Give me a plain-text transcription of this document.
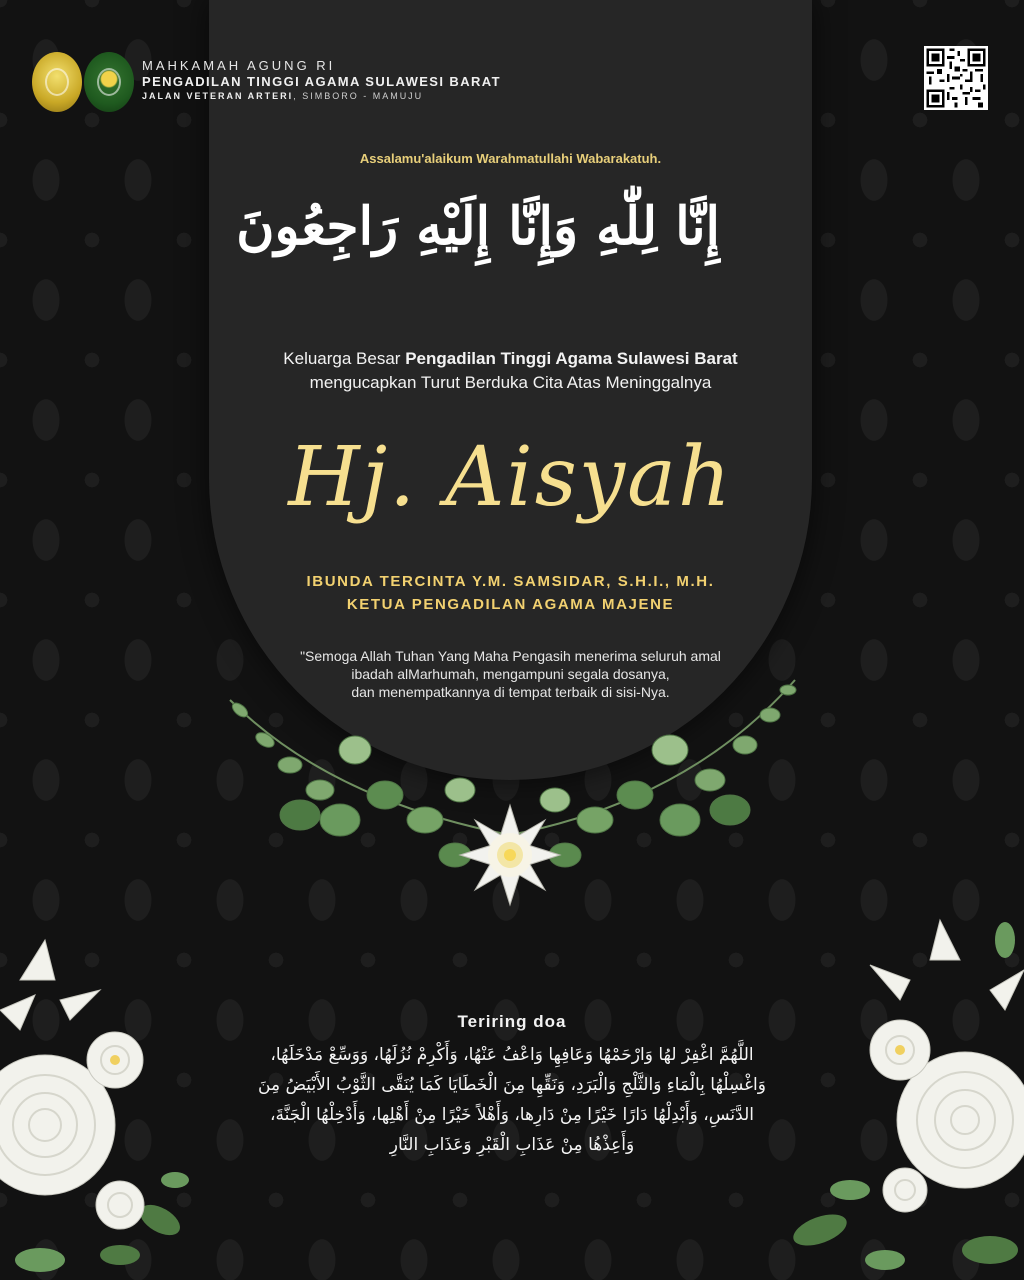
MAHKAMAH AGUNG RI
PENGADILAN TINGGI AGAMA SULAWESI BARAT
JALAN VETERAN ARTERI, SIMBORO - MAMUJU
Assalamu'alaikum Warahmatullahi Wabarakatuh.
إِنَّا لِلّٰهِ وَإِنَّا إِلَيْهِ رَاجِعُونَ
Keluarga Besar Pengadilan Tinggi Agama Sulawesi Barat
mengucapkan Turut Berduka Cita Atas Meninggalnya
Hj. Aisyah
IBUNDA TERCINTA Y.M. SAMSIDAR, S.H.I., M.H.
KETUA PENGADILAN AGAMA MAJENE
"Semoga Allah Tuhan Yang Maha Pengasih menerima seluruh amal
ibadah alMarhumah, mengampuni segala dosanya,
dan menempatkannya di tempat terbaik di sisi-Nya.
Teriring doa
اللَّهُمَّ اغْفِرْ لهُا وَارْحَمْهُا وَعَافِهِا وَاعْفُ عَنْهُا، وَأَكْرِمْ نُزُلَهُا، وَوَسِّعْ مَدْخَلَهُا، وَاغْسِلْهُا بِالْمَاءِ وَالثَّلْجِ وَالْبَرَدِ، وَنَقِّهِا مِنَ الْخَطَايَا كَمَا يُنَقَّى الثَّوْبُ الأَبْيَضُ مِنَ الدَّنَسِ، وَأَبْدِلْهُا دَارًا خَيْرًا مِنْ دَارِها، وَأَهْلاً خَيْرًا مِنْ أَهْلِها، وَأَدْخِلْهُا الْجَنَّةَ، وَأَعِذْهُا مِنْ عَذَابِ الْقَبْرِ وَعَذَابِ النَّارِ
